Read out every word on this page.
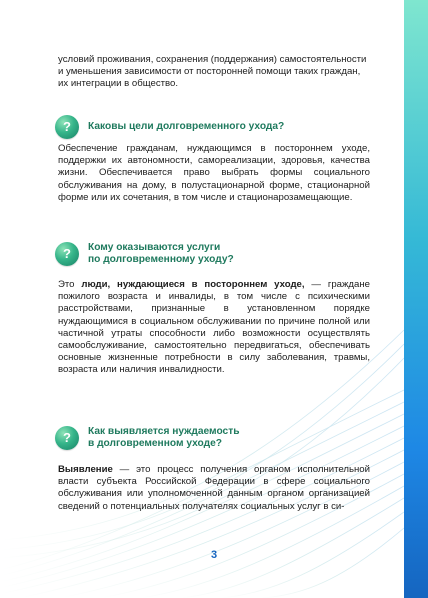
условий проживания, сохранения (поддержания) самостоятельности и уменьшения зависимости от посторонней помощи таких граждан, их интеграции в общество.

?	Каковы цели долговременного ухода?

Обеспечение гражданам, нуждающимся в постороннем уходе, поддержки их автономности, самореализации, здоровья, качества жизни. Обеспечивается право выбрать формы социального обслуживания на дому, в полустационарной форме, стационарной форме или их сочетания, в том числе и стационарозамещающие.

?	Кому оказываются услуги
по долговременному уходу?

Это люди, нуждающиеся в постороннем уходе, — граждане пожилого возраста и инвалиды, в том числе с психическими расстройствами, признанные в установленном порядке нуждающимися в социальном обслуживании по причине полной или частичной утраты способности либо возможности осуществлять самообслуживание, самостоятельно передвигаться, обеспечивать основные жизненные потребности в силу заболевания, травмы, возраста или наличия инвалидности.

?	Как выявляется нуждаемость
в долговременном уходе?

Выявление — это процесс получения органом исполнительной власти субъекта Российской Федерации в сфере социального обслуживания или уполномоченной данным органом организацией сведений о потенциальных получателях социальных услуг в си-

3
